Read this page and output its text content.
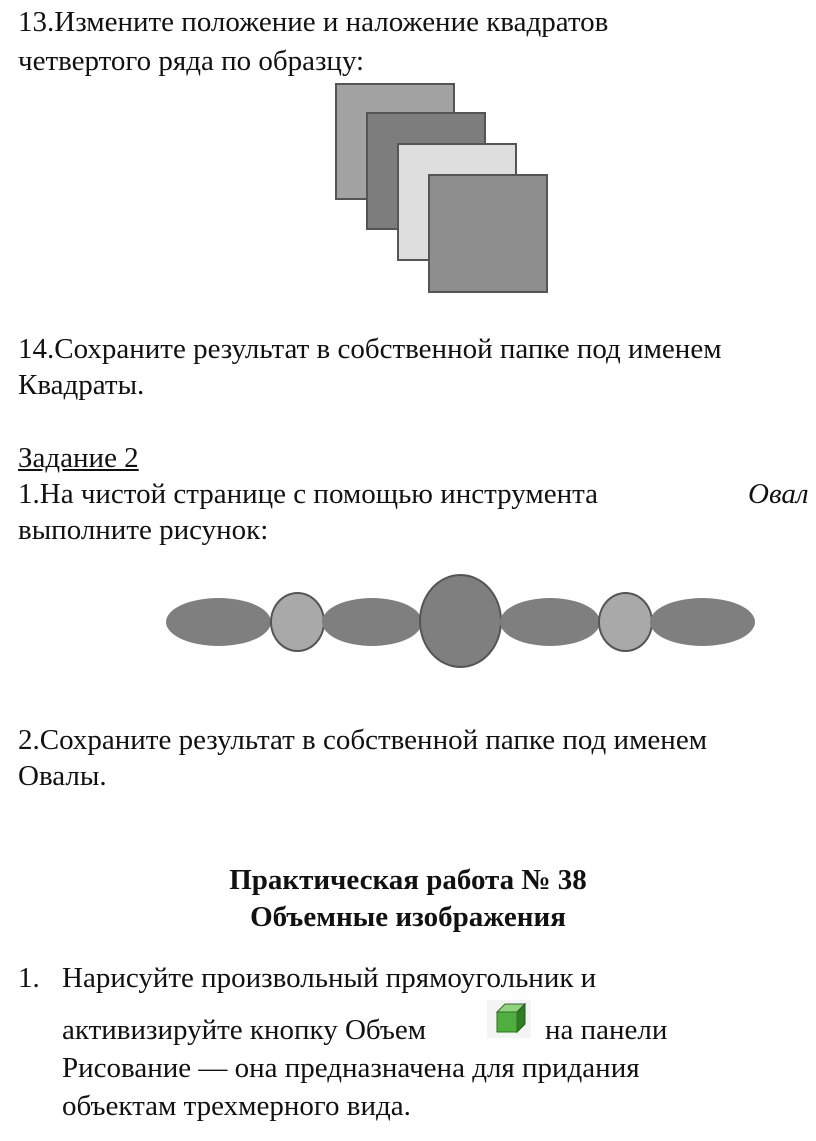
13.Измените положение и наложение квадратов
четвертого ряда по образцу:
14.Сохраните результат в собственной папке под именем
Квадраты.
Задание 2
1.На чистой странице с помощью инструмента	Овал
выполните рисунок:
2.Сохраните результат в собственной папке под именем
Овалы.
Практическая работа № 38
Объемные изображения
1. Нарисуйте произвольный прямоугольник и
активизируйте кнопку Объем	на панели
Рисование — она предназначена для придания
объектам трехмерного вида.
